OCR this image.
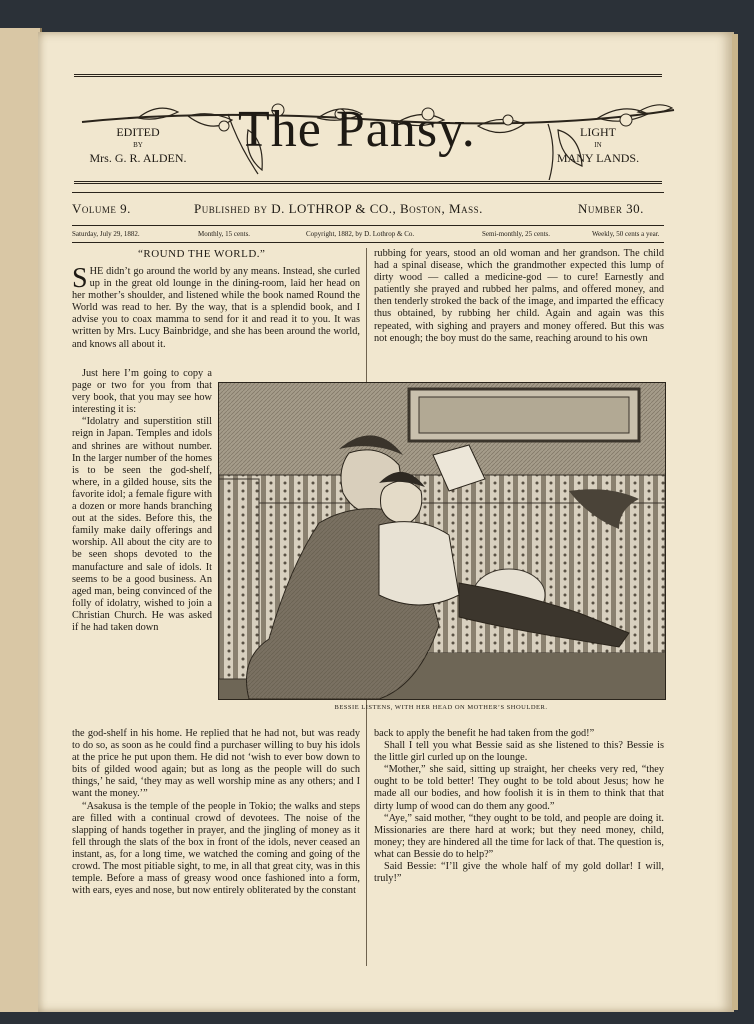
The Pansy.
EDITED
BY
Mrs. G. R. ALDEN.
LIGHT
IN
MANY LANDS.
Volume 9.	Published by D. LOTHROP & CO., Boston, Mass.	Number 30.
Saturday, July 29, 1882.	Monthly, 15 cents.	Copyright, 1882, by D. Lothrop & Co.	Semi-monthly, 25 cents.	Weekly, 50 cents a year.
“ROUND THE WORLD.”

SHE didn’t go around the world by any means. Instead, she curled up in the great old lounge in the dining-room, laid her head on her mother’s shoulder, and listened while the book named Round the World was read to her. By the way, that is a splendid book, and I advise you to coax mamma to send for it and read it to you. It was written by Mrs. Lucy Bainbridge, and she has been around the world, and knows all about it.

Just here I’m going to copy a page or two for you from that very book, that you may see how interesting it is:

“Idolatry and superstition still reign in Japan. Temples and idols and shrines are without number. In the larger number of the homes is to be seen the god-shelf, where, in a gilded house, sits the favorite idol; a female figure with a dozen or more hands branching out at the sides. Before this, the family make daily offerings and worship. All about the city are to be seen shops devoted to the manufacture and sale of idols. It seems to be a good business. An aged man, being convinced of the folly of idolatry, wished to join a Christian Church. He was asked if he had taken down

the god-shelf in his home. He replied that he had not, but was ready to do so, as soon as he could find a purchaser willing to buy his idols at the price he put upon them. He did not ‘wish to ever bow down to bits of gilded wood again; but as long as the people will do such things,’ he said, ‘they may as well worship mine as any others; and I want the money.’”

“Asakusa is the temple of the people in Tokio; the walks and steps are filled with a continual crowd of devotees. The noise of the slapping of hands together in prayer, and the jingling of money as it fell through the slats of the box in front of the idols, never ceased an instant, as, for a long time, we watched the coming and going of the crowd. The most pitiable sight, to me, in all that great city, was in this temple. Before a mass of greasy wood once fashioned into a form, with ears, eyes and nose, but now entirely obliterated by the constant

rubbing for years, stood an old woman and her grandson. The child had a spinal disease, which the grandmother expected this lump of dirty wood — called a medicine-god — to cure! Earnestly and patiently she prayed and rubbed her palms, and offered money, and then tenderly stroked the back of the image, and imparted the efficacy thus obtained, by rubbing her child. Again and again was this repeated, with sighing and prayers and money offered. But this was not enough; the boy must do the same, reaching around to his own

back to apply the benefit he had taken from the god!”

Shall I tell you what Bessie said as she listened to this? Bessie is the little girl curled up on the lounge.

“Mother,” she said, sitting up straight, her cheeks very red, “they ought to be told better! They ought to be told about Jesus; how he made all our bodies, and how foolish it is in them to think that that dirty lump of wood can do them any good.”

“Aye,” said mother, “they ought to be told, and people are doing it. Missionaries are there hard at work; but they need money, child, money; they are hindered all the time for lack of that. The question is, what can Bessie do to help?”

Said Bessie: “I’ll give the whole half of my gold dollar! I will, truly!”

BESSIE LISTENS, WITH HER HEAD ON MOTHER’S SHOULDER.
